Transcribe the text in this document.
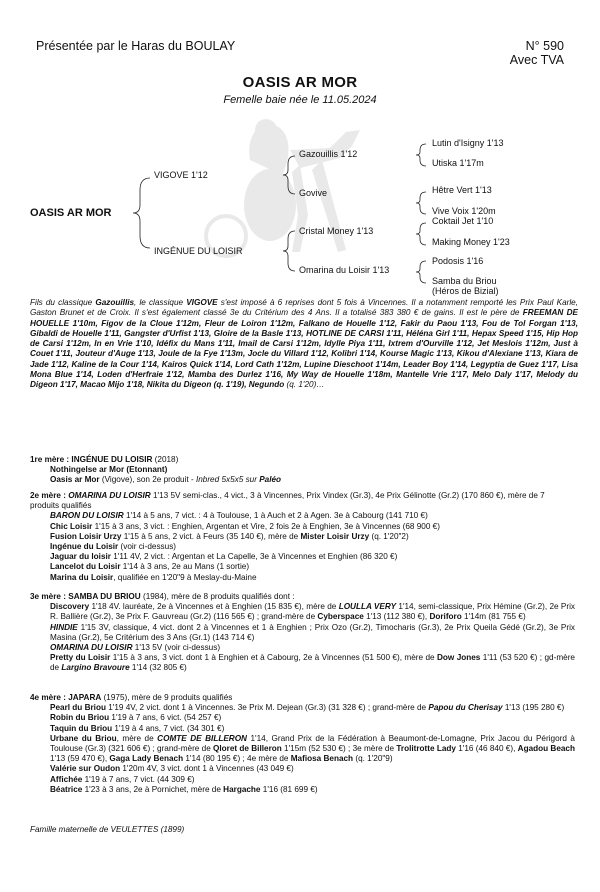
Présentée par le Haras du BOULAY	N° 590
Avec TVA
OASIS AR MOR
Femelle baie née le 11.05.2024
OASIS AR MOR
VIGOVE 1'12
INGÉNUE DU LOISIR
Gazouillis 1'12
Govive
Cristal Money 1'13
Omarina du Loisir 1'13
Lutin d'Isigny 1'13
Utiska 1'17m
Hêtre Vert 1'13
Vive Voix 1'20m
Coktail Jet 1'10
Making Money 1'23
Podosis 1'16
Samba du Briou
(Héros de Bizial)
Fils du classique Gazouillis, le classique VIGOVE s'est imposé à 6 reprises dont 5 fois à Vincennes. Il a notamment remporté les Prix Paul Karle, Gaston Brunet et de Croix. Il s'est également classé 3e du Critérium des 4 Ans. Il a totalisé 383 380 € de gains. Il est le père de FREEMAN DE HOUELLE 1'10m, Figov de la Cloue 1'12m, Fleur de Loiron 1'12m, Falkano de Houelle 1'12, Fakir du Paou 1'13, Fou de Tol Forgan 1'13, Gibaldi de Houelle 1'11, Gangster d'Urfist 1'13, Gloire de la Basle 1'13, HOTLINE DE CARSI 1'11, Héléna Girl 1'11, Hepax Speed 1'15, Hip Hop de Carsi 1'12m, In en Vrie 1'10, Idéfix du Mans 1'11, Imail de Carsi 1'12m, Idylle Piya 1'11, Ixtrem d'Ourville 1'12, Jet Meslois 1'12m, Just à Couet 1'11, Jouteur d'Auge 1'13, Joule de la Fye 1'13m, Jocle du Villard 1'12, Kolibri 1'14, Kourse Magic 1'13, Kikou d'Alexiane 1'13, Kiara de Jade 1'12, Kaline de la Cour 1'14, Kairos Quick 1'14, Lord Cath 1'12m, Lupine Dieschoot 1'14m, Leader Boy 1'14, Legyptia de Guez 1'17, Lisa Mona Blue 1'14, Loden d'Herfraie 1'12, Mamba des Durlez 1'16, My Way de Houelle 1'18m, Mantelle Vrie 1'17, Melo Daly 1'17, Melody du Digeon 1'17, Macao Mijo 1'18, Nikita du Digeon (q. 1'19), Negundo (q. 1'20)…
1re mère : INGÉNUE DU LOISIR (2018)
Nothingelse ar Mor (Etonnant)
Oasis ar Mor (Vigove), son 2e produit - Inbred 5x5x5 sur Paléo
2e mère : OMARINA DU LOISIR 1'13 5V semi-clas., 4 vict., 3 à Vincennes, Prix Vindex (Gr.3), 4e Prix Gélinotte (Gr.2) (170 860 €), mère de 7 produits qualifiés
BARON DU LOISIR 1'14 à 5 ans, 7 vict. : 4 à Toulouse, 1 à Auch et 2 à Agen. 3e à Cabourg (141 710 €)
Chic Loisir 1'15 à 3 ans, 3 vict. : Enghien, Argentan et Vire, 2 fois 2e à Enghien, 3e à Vincennes (68 900 €)
Fusion Loisir Urzy 1'15 à 5 ans, 2 vict. à Feurs (35 140 €), mère de Mister Loisir Urzy (q. 1'20"2)
Ingénue du Loisir (voir ci-dessus)
Jaguar du loisir 1'11 4V, 2 vict. : Argentan et La Capelle, 3e à Vincennes et Enghien (86 320 €)
Lancelot du Loisir 1'14 à 3 ans, 2e au Mans (1 sortie)
Marina du Loisir, qualifiée en 1'20"9 à Meslay-du-Maine
3e mère : SAMBA DU BRIOU (1984), mère de 8 produits qualifiés dont :
Discovery 1'18 4V. lauréate, 2e à Vincennes et à Enghien (15 835 €), mère de LOULLA VERY 1'14, semi-classique, Prix Hémine (Gr.2), 2e Prix R. Ballière (Gr.2), 3e Prix F. Gauvreau (Gr.2) (116 565 €) ; grand-mère de Cyberspace 1'13 (112 380 €), Doriforo 1'14m (81 755 €)
HINDIE 1'15 3V, classique, 4 vict. dont 2 à Vincennes et 1 à Enghien ; Prix Ozo (Gr.2), Timocharis (Gr.3), 2e Prix Queila Gédé (Gr.2), 3e Prix Masina (Gr.2), 5e Critérium des 3 Ans (Gr.1) (143 714 €)
OMARINA DU LOISIR 1'13 5V (voir ci-dessus)
Pretty du Loisir 1'15 à 3 ans, 3 vict. dont 1 à Enghien et à Cabourg, 2e à Vincennes (51 500 €), mère de Dow Jones 1'11 (53 520 €) ; gd-mère de Largino Bravoure 1'14 (32 805 €)
4e mère : JAPARA (1975), mère de 9 produits qualifiés
Pearl du Briou 1'19 4V, 2 vict. dont 1 à Vincennes. 3e Prix M. Dejean (Gr.3) (31 328 €) ; grand-mère de Papou du Cherisay 1'13 (195 280 €)
Robin du Briou 1'19 à 7 ans, 6 vict. (54 257 €)
Taquin du Briou 1'19 à 4 ans, 7 vict. (34 301 €)
Urbane du Briou, mère de COMTE DE BILLERON 1'14, Grand Prix de la Fédération à Beaumont-de-Lomagne, Prix Jacou du Périgord à Toulouse (Gr.3) (321 606 €) ; grand-mère de Qloret de Billeron 1'15m (52 530 €) ; 3e mère de Trolitrotte Lady 1'16 (46 840 €), Agadou Beach 1'13 (59 470 €), Gaga Lady Benach 1'14 (80 195 €) ; 4e mère de Mafiosa Benach (q. 1'20"9)
Valérie sur Oudon 1'20m 4V, 3 vict. dont 1 à Vincennes (43 049 €)
Affichée 1'19 à 7 ans, 7 vict. (44 309 €)
Béatrice 1'23 à 3 ans, 2e à Pornichet, mère de Hargache 1'16 (81 699 €)
Famille maternelle de VEULETTES (1899)
